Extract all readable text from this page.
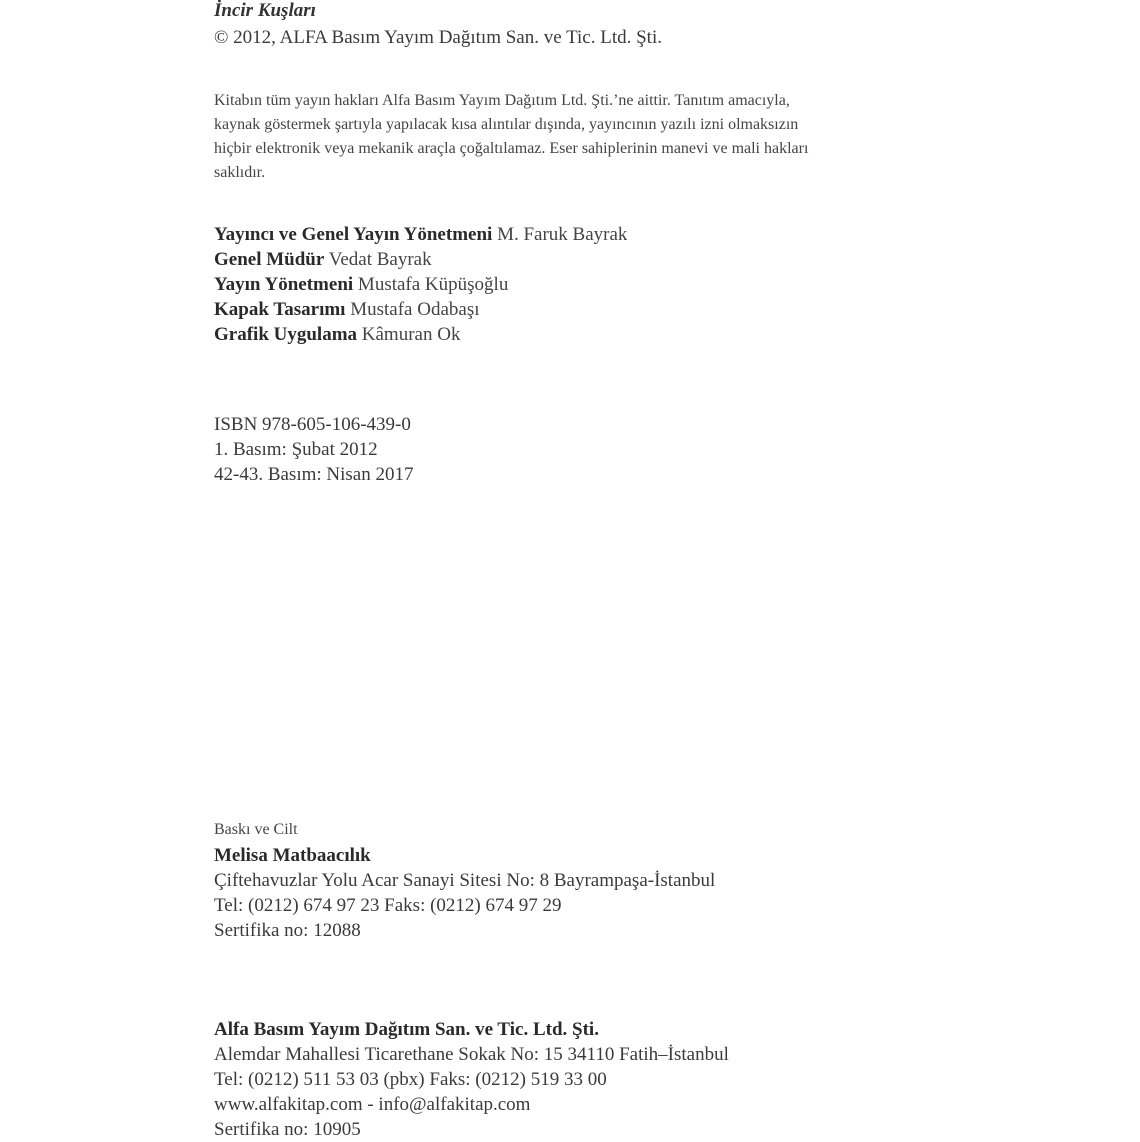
İncir Kuşları
© 2012, ALFA Basım Yayım Dağıtım San. ve Tic. Ltd. Şti.
Kitabın tüm yayın hakları Alfa Basım Yayım Dağıtım Ltd. Şti.’ne aittir. Tanıtım amacıyla,
kaynak göstermek şartıyla yapılacak kısa alıntılar dışında, yayıncının yazılı izni olmaksızın
hiçbir elektronik veya mekanik araçla çoğaltılamaz. Eser sahiplerinin manevi ve mali hakları
saklıdır.
Yayıncı ve Genel Yayın Yönetmeni M. Faruk Bayrak
Genel Müdür Vedat Bayrak
Yayın Yönetmeni Mustafa Küpüşoğlu
Kapak Tasarımı Mustafa Odabaşı
Grafik Uygulama Kâmuran Ok
ISBN 978-605-106-439-0
1. Basım: Şubat 2012
42-43. Basım: Nisan 2017
Baskı ve Cilt
Melisa Matbaacılık
Çiftehavuzlar Yolu Acar Sanayi Sitesi No: 8 Bayrampaşa-İstanbul
Tel: (0212) 674 97 23 Faks: (0212) 674 97 29
Sertifika no: 12088
Alfa Basım Yayım Dağıtım San. ve Tic. Ltd. Şti.
Alemdar Mahallesi Ticarethane Sokak No: 15 34110 Fatih–İstanbul
Tel: (0212) 511 53 03 (pbx) Faks: (0212) 519 33 00
www.alfakitap.com - info@alfakitap.com
Sertifika no: 10905
